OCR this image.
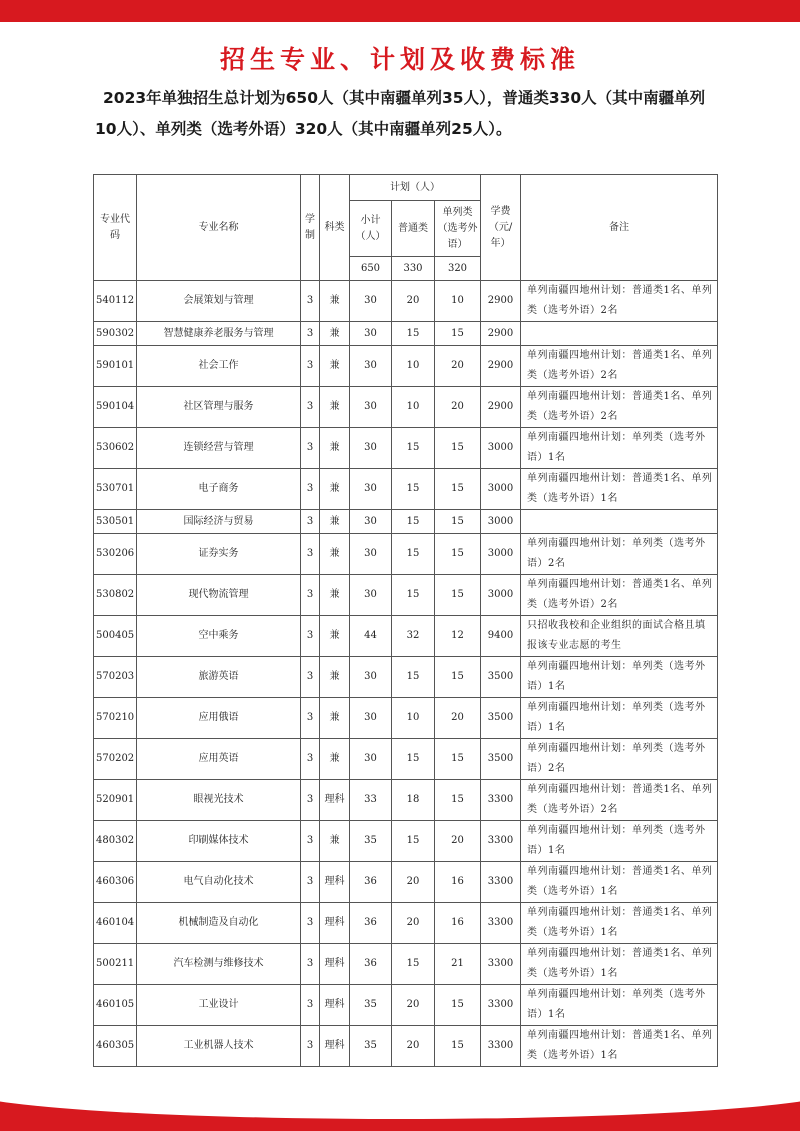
招生专业、计划及收费标准

2023年单独招生总计划为650人（其中南疆单列35人），普通类330人（其中南疆单列

10人）、单列类（选考外语）320人（其中南疆单列25人）。

专业代码	专业名称	学制	科类	计划（人）			学费（元/年）	备注
				小计（人）	普通类	单列类（选考外语）		
				650	330	320		
540112	会展策划与管理	3	兼	30	20	10	2900	单列南疆四地州计划：普通类1名、单列类（选考外语）2名
590302	智慧健康养老服务与管理	3	兼	30	15	15	2900	
590101	社会工作	3	兼	30	10	20	2900	单列南疆四地州计划：普通类1名、单列类（选考外语）2名
590104	社区管理与服务	3	兼	30	10	20	2900	单列南疆四地州计划：普通类1名、单列类（选考外语）2名
530602	连锁经营与管理	3	兼	30	15	15	3000	单列南疆四地州计划：单列类（选考外语）1名
530701	电子商务	3	兼	30	15	15	3000	单列南疆四地州计划：普通类1名、单列类（选考外语）1名
530501	国际经济与贸易	3	兼	30	15	15	3000	
530206	证券实务	3	兼	30	15	15	3000	单列南疆四地州计划：单列类（选考外语）2名
530802	现代物流管理	3	兼	30	15	15	3000	单列南疆四地州计划：普通类1名、单列类（选考外语）2名
500405	空中乘务	3	兼	44	32	12	9400	只招收我校和企业组织的面试合格且填报该专业志愿的考生
570203	旅游英语	3	兼	30	15	15	3500	单列南疆四地州计划：单列类（选考外语）1名
570210	应用俄语	3	兼	30	10	20	3500	单列南疆四地州计划：单列类（选考外语）1名
570202	应用英语	3	兼	30	15	15	3500	单列南疆四地州计划：单列类（选考外语）2名
520901	眼视光技术	3	理科	33	18	15	3300	单列南疆四地州计划：普通类1名、单列类（选考外语）2名
480302	印刷媒体技术	3	兼	35	15	20	3300	单列南疆四地州计划：单列类（选考外语）1名
460306	电气自动化技术	3	理科	36	20	16	3300	单列南疆四地州计划：普通类1名、单列类（选考外语）1名
460104	机械制造及自动化	3	理科	36	20	16	3300	单列南疆四地州计划：普通类1名、单列类（选考外语）1名
500211	汽车检测与维修技术	3	理科	36	15	21	3300	单列南疆四地州计划：普通类1名、单列类（选考外语）1名
460105	工业设计	3	理科	35	20	15	3300	单列南疆四地州计划：单列类（选考外语）1名
460305	工业机器人技术	3	理科	35	20	15	3300	单列南疆四地州计划：普通类1名、单列类（选考外语）1名
